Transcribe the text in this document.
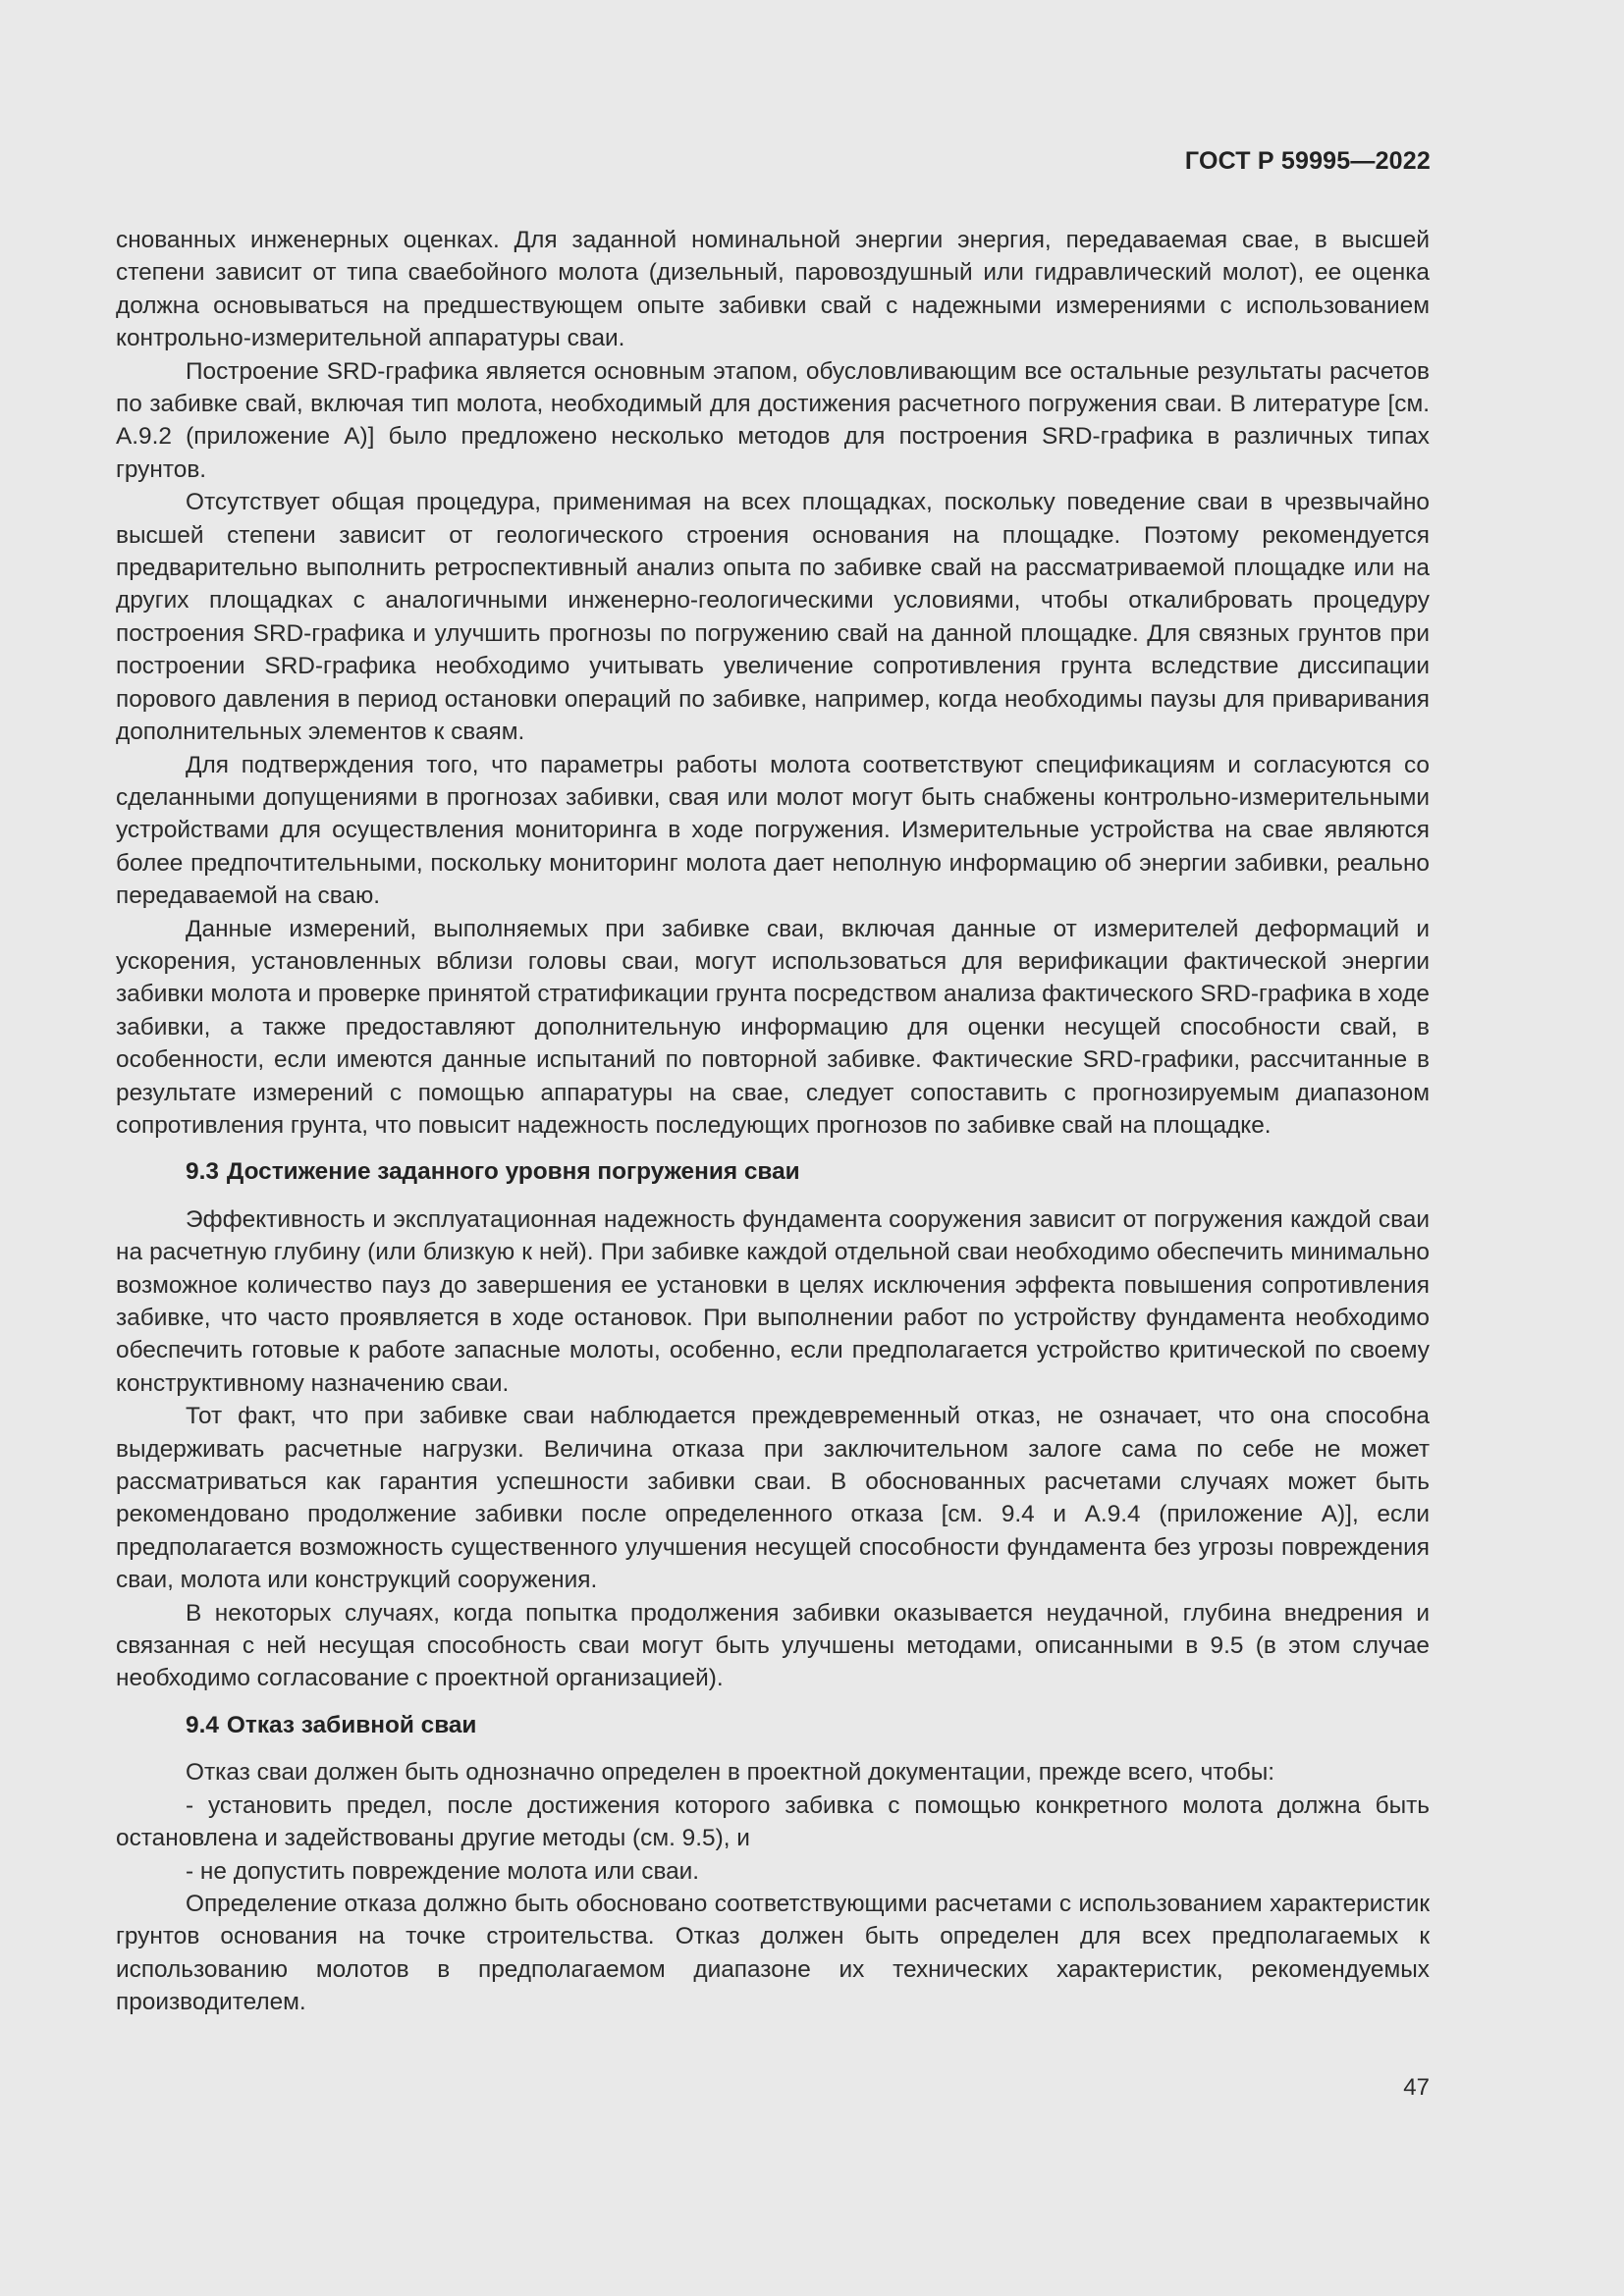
ГОСТ Р 59995—2022

снованных инженерных оценках. Для заданной номинальной энергии энергия, передаваемая свае, в высшей степени зависит от типа сваебойного молота (дизельный, паровоздушный или гидравлический молот), ее оценка должна основываться на предшествующем опыте забивки свай с надежными измерениями с использованием контрольно-измерительной аппаратуры сваи.

Построение SRD-графика является основным этапом, обусловливающим все остальные результаты расчетов по забивке свай, включая тип молота, необходимый для достижения расчетного погружения сваи. В литературе [см. А.9.2 (приложение А)] было предложено несколько методов для построения SRD-графика в различных типах грунтов.

Отсутствует общая процедура, применимая на всех площадках, поскольку поведение сваи в чрезвычайно высшей степени зависит от геологического строения основания на площадке. Поэтому рекомендуется предварительно выполнить ретроспективный анализ опыта по забивке свай на рассматриваемой площадке или на других площадках с аналогичными инженерно-геологическими условиями, чтобы откалибровать процедуру построения SRD-графика и улучшить прогнозы по погружению свай на данной площадке. Для связных грунтов при построении SRD-графика необходимо учитывать увеличение сопротивления грунта вследствие диссипации порового давления в период остановки операций по забивке, например, когда необходимы паузы для приваривания дополнительных элементов к сваям.

Для подтверждения того, что параметры работы молота соответствуют спецификациям и согласуются со сделанными допущениями в прогнозах забивки, свая или молот могут быть снабжены контрольно-измерительными устройствами для осуществления мониторинга в ходе погружения. Измерительные устройства на свае являются более предпочтительными, поскольку мониторинг молота дает неполную информацию об энергии забивки, реально передаваемой на сваю.

Данные измерений, выполняемых при забивке сваи, включая данные от измерителей деформаций и ускорения, установленных вблизи головы сваи, могут использоваться для верификации фактической энергии забивки молота и проверке принятой стратификации грунта посредством анализа фактического SRD-графика в ходе забивки, а также предоставляют дополнительную информацию для оценки несущей способности свай, в особенности, если имеются данные испытаний по повторной забивке. Фактические SRD-графики, рассчитанные в результате измерений с помощью аппаратуры на свае, следует сопоставить с прогнозируемым диапазоном сопротивления грунта, что повысит надежность последующих прогнозов по забивке свай на площадке.

9.3 Достижение заданного уровня погружения сваи

Эффективность и эксплуатационная надежность фундамента сооружения зависит от погружения каждой сваи на расчетную глубину (или близкую к ней). При забивке каждой отдельной сваи необходимо обеспечить минимально возможное количество пауз до завершения ее установки в целях исключения эффекта повышения сопротивления забивке, что часто проявляется в ходе остановок. При выполнении работ по устройству фундамента необходимо обеспечить готовые к работе запасные молоты, особенно, если предполагается устройство критической по своему конструктивному назначению сваи.

Тот факт, что при забивке сваи наблюдается преждевременный отказ, не означает, что она способна выдерживать расчетные нагрузки. Величина отказа при заключительном залоге сама по себе не может рассматриваться как гарантия успешности забивки сваи. В обоснованных расчетами случаях может быть рекомендовано продолжение забивки после определенного отказа [см. 9.4 и А.9.4 (приложение А)], если предполагается возможность существенного улучшения несущей способности фундамента без угрозы повреждения сваи, молота или конструкций сооружения.

В некоторых случаях, когда попытка продолжения забивки оказывается неудачной, глубина внедрения и связанная с ней несущая способность сваи могут быть улучшены методами, описанными в 9.5 (в этом случае необходимо согласование с проектной организацией).

9.4 Отказ забивной сваи

Отказ сваи должен быть однозначно определен в проектной документации, прежде всего, чтобы:

- установить предел, после достижения которого забивка с помощью конкретного молота должна быть остановлена и задействованы другие методы (см. 9.5), и

- не допустить повреждение молота или сваи.

Определение отказа должно быть обосновано соответствующими расчетами с использованием характеристик грунтов основания на точке строительства. Отказ должен быть определен для всех предполагаемых к использованию молотов в предполагаемом диапазоне их технических характеристик, рекомендуемых производителем.

47
